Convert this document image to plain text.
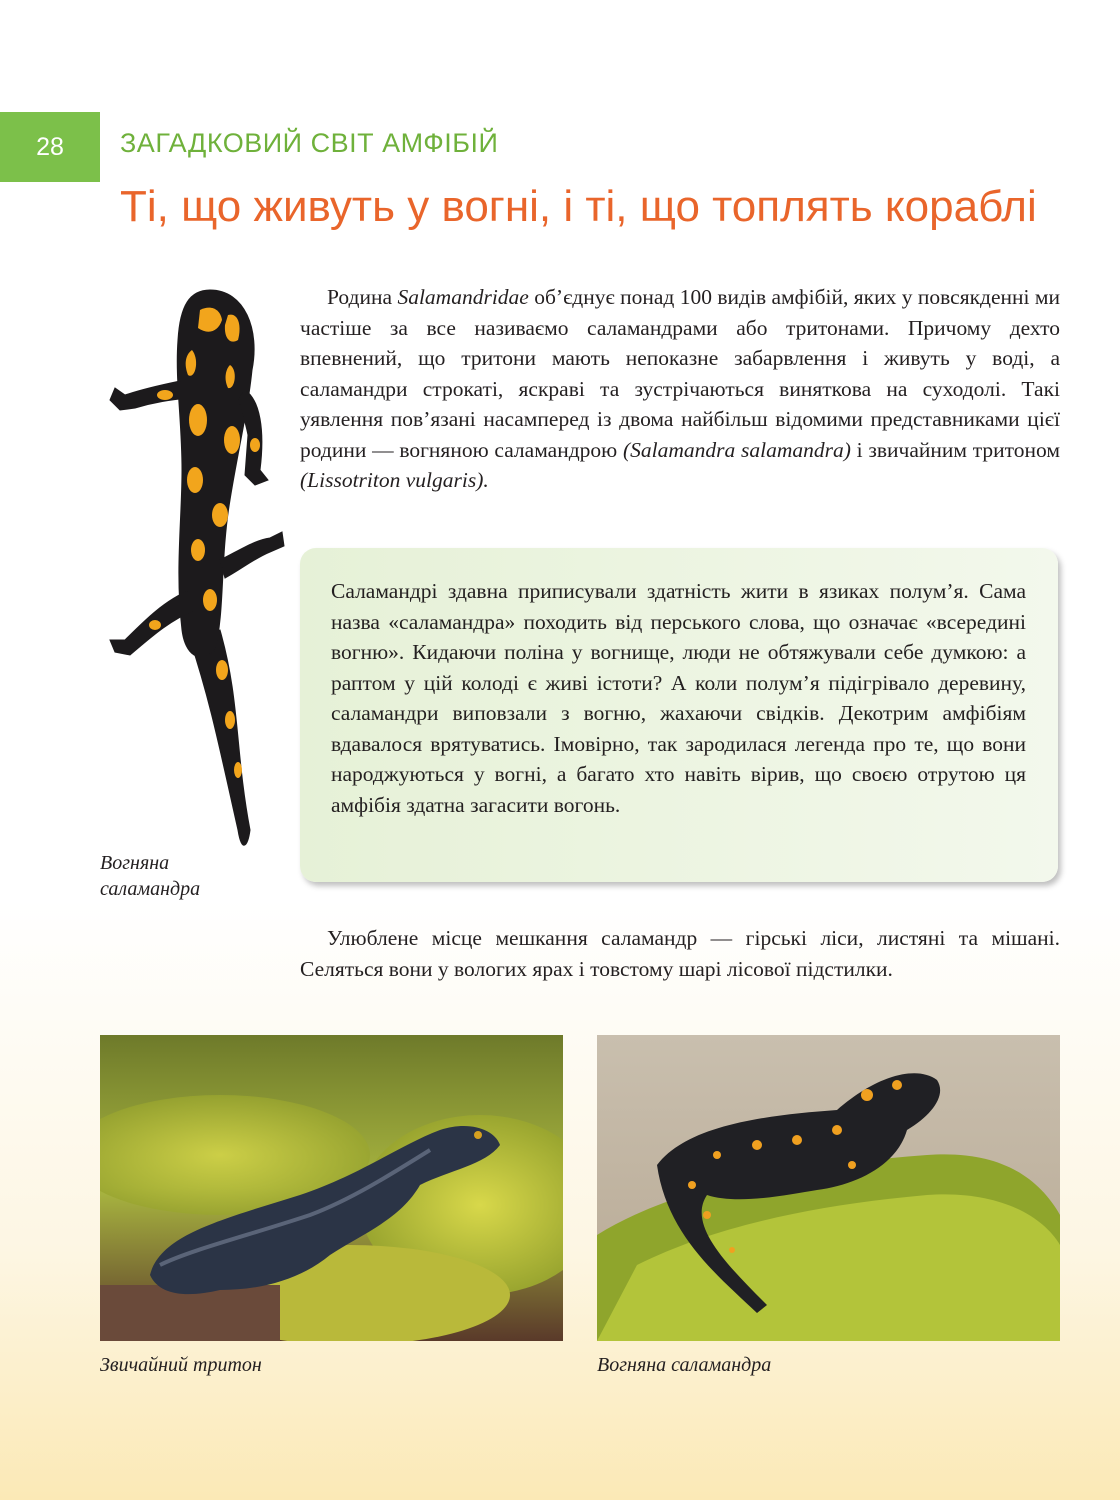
28	ЗАГАДКОВИЙ СВІТ АМФІБІЙ
Ті, що живуть у вогні, і ті, що топлять кораблі

Родина Salamandridae об’єднує понад 100 видів амфібій, яких у повсякденні ми частіше за все називаємо саламандрами або тритонами. Причому дехто впевнений, що тритони мають непоказне забарвлення і живуть у воді, а саламандри строкаті, яскраві та зустрічаються виняткова на суходолі. Такі уявлення пов’язані насамперед із двома найбільш відомими представниками цієї родини — вогняною саламандрою (Salamandra salamandra) і звичайним тритоном (Lissotriton vulgaris).

Саламандрі здавна приписували здатність жити в язиках полум’я. Сама назва «саламандра» походить від перського слова, що означає «всередині вогню». Кидаючи поліна у вогнище, люди не обтяжували себе думкою: а раптом у цій колоді є живі істоти? А коли полум’я підігрівало деревину, саламандри виповзали з вогню, жахаючи свідків. Декотрим амфібіям вдавалося врятуватись. Імовірно, так зародилася легенда про те, що вони народжуються у вогні, а багато хто навіть вірив, що своєю отрутою ця амфібія здатна загасити вогонь.

Вогняна
саламандра

Улюблене місце мешкання саламандр — гірські ліси, листяні та мішані. Селяться вони у вологих ярах і товстому шарі лісової підстилки.

Звичайний тритон	Вогняна саламандра
